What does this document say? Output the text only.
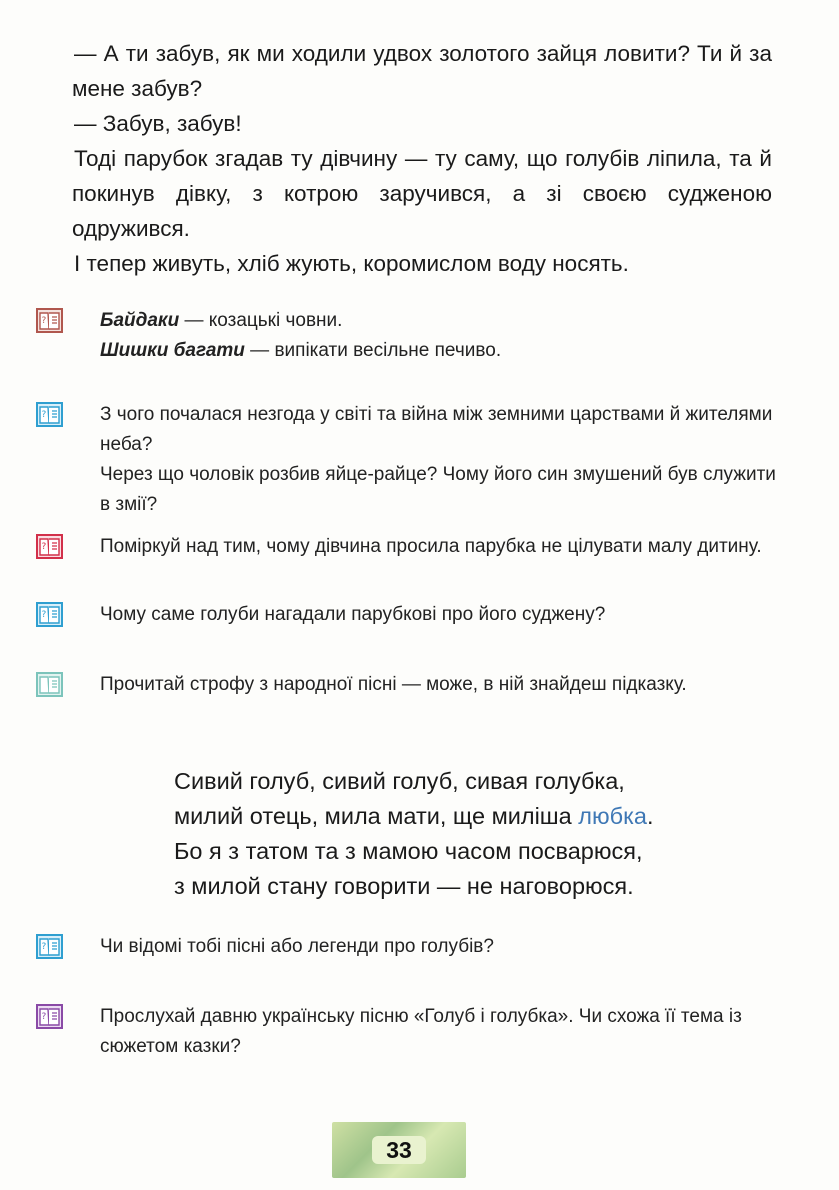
— А ти забув, як ми ходили удвох золотого зайця ловити? Ти й за мене забув?

— Забув, забув!

Тоді парубок згадав ту дівчину — ту саму, що голубів ліпила, та й покинув дівку, з котрою заручився, а зі своєю судженою одружився.

І тепер живуть, хліб жують, коромислом воду носять.

?	Байдаки — козацькі човни.

Шишки багати — випікати весільне печиво.

?	З чого почалася незгода у світі та війна між земними царствами й жителями неба?

Через що чоловік розбив яйце-райце? Чому його син змушений був служити в змії?

?	Поміркуй над тим, чому дівчина просила парубка не цілувати малу дитину.

?	Чому саме голуби нагадали парубкові про його суджену?

Прочитай строфу з народної пісні — може, в ній знайдеш підказку.

Сивий голуб, сивий голуб, сивая голубка,

милий отець, мила мати, ще миліша любка.

Бо я з татом та з мамою часом посварюся,

з милой стану говорити — не наговорюся.

?	Чи відомі тобі пісні або легенди про голубів?

?	Прослухай давню українську пісню «Голуб і голубка». Чи схожа її тема із сюжетом казки?

33
